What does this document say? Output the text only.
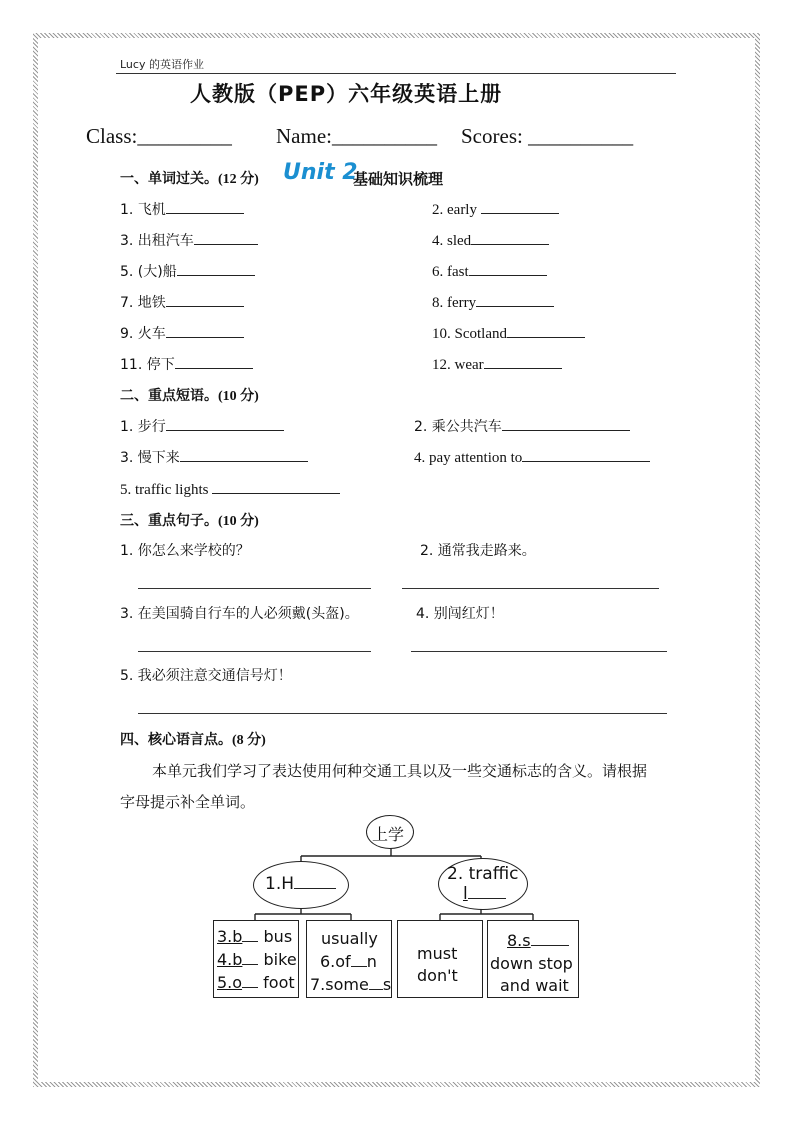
Lucy 的英语作业
人教版（PEP）六年级英语上册
Class:_________ Name:__________ Scores: __________
一、单词过关。(12 分) Unit 2
基础知识梳理
1. 飞机	2. early
3. 出租汽车	4. sled
5. (大)船	6. fast
7. 地铁	8. ferry
9. 火车	10. Scotland
11. 停下	12. wear
二、重点短语。(10 分)
1. 步行	2. 乘公共汽车
3. 慢下来	4. pay attention to
5. traffic lights
三、重点句子。(10 分)
1. 你怎么来学校的？	2. 通常我走路来。
3. 在美国骑自行车的人必须戴(头盔)。	4. 别闯红灯！
5. 我必须注意交通信号灯！
四、核心语言点。(8 分)
本单元我们学习了表达使用何种交通工具以及一些交通标志的含义。请根据
字母提示补全单词。
上学
1.H	2. traffic
l
3.b bus
4.b bike
5.o foot
usually
6.of n
7.some s
must
don't
8.s
down stop
and wait
